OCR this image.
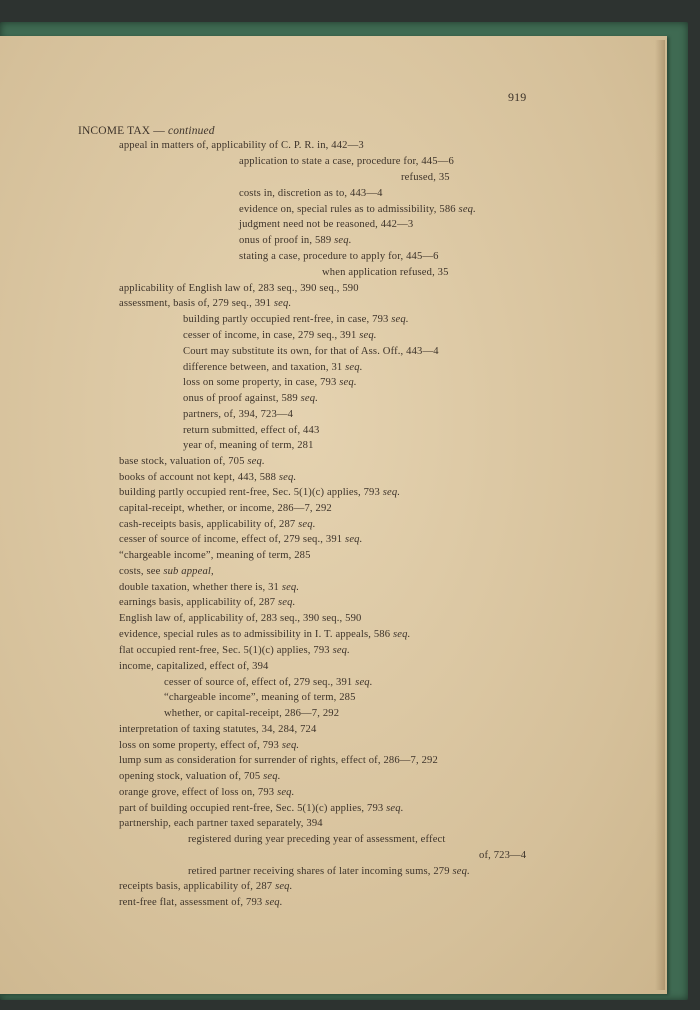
919
INCOME TAX — continued
appeal in matters of, applicability of C. P. R. in, 442—3
application to state a case, procedure for, 445—6
refused, 35
costs in, discretion as to, 443—4
evidence on, special rules as to admissibility, 586 seq.
judgment need not be reasoned, 442—3
onus of proof in, 589 seq.
stating a case, procedure to apply for, 445—6
when application refused, 35
applicability of English law of, 283 seq., 390 seq., 590
assessment, basis of, 279 seq., 391 seq.
building partly occupied rent-free, in case, 793 seq.
cesser of income, in case, 279 seq., 391 seq.
Court may substitute its own, for that of Ass. Off., 443—4
difference between, and taxation, 31 seq.
loss on some property, in case, 793 seq.
onus of proof against, 589 seq.
partners, of, 394, 723—4
return submitted, effect of, 443
year of, meaning of term, 281
base stock, valuation of, 705 seq.
books of account not kept, 443, 588 seq.
building partly occupied rent-free, Sec. 5(1)(c) applies, 793 seq.
capital-receipt, whether, or income, 286—7, 292
cash-receipts basis, applicability of, 287 seq.
cesser of source of income, effect of, 279 seq., 391 seq.
“chargeable income”, meaning of term, 285
costs, see sub appeal,
double taxation, whether there is, 31 seq.
earnings basis, applicability of, 287 seq.
English law of, applicability of, 283 seq., 390 seq., 590
evidence, special rules as to admissibility in I. T. appeals, 586 seq.
flat occupied rent-free, Sec. 5(1)(c) applies, 793 seq.
income, capitalized, effect of, 394
cesser of source of, effect of, 279 seq., 391 seq.
“chargeable income”, meaning of term, 285
whether, or capital-receipt, 286—7, 292
interpretation of taxing statutes, 34, 284, 724
loss on some property, effect of, 793 seq.
lump sum as consideration for surrender of rights, effect of, 286—7, 292
opening stock, valuation of, 705 seq.
orange grove, effect of loss on, 793 seq.
part of building occupied rent-free, Sec. 5(1)(c) applies, 793 seq.
partnership, each partner taxed separately, 394
registered during year preceding year of assessment, effect
of, 723—4
retired partner receiving shares of later incoming sums, 279 seq.
receipts basis, applicability of, 287 seq.
rent-free flat, assessment of, 793 seq.
